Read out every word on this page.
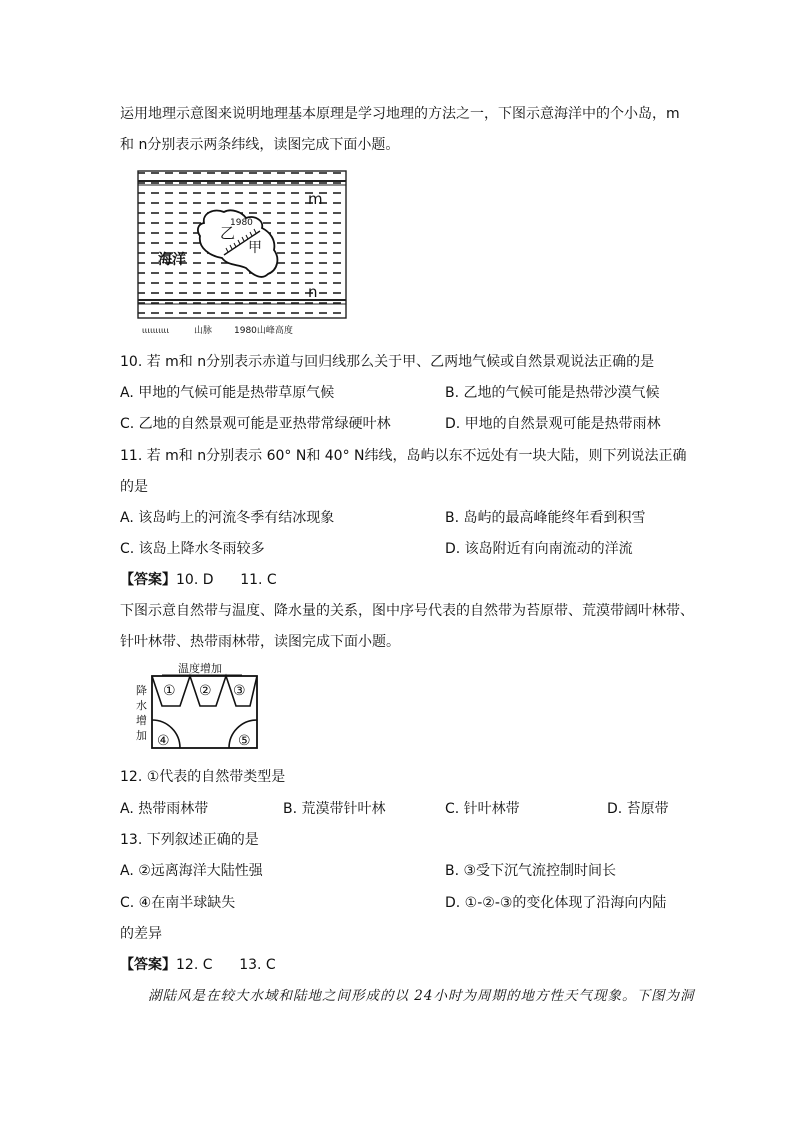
运用地理示意图来说明地理基本原理是学习地理的方法之一，下图示意海洋中的个小岛，m
和 n分别表示两条纬线，读图完成下面小题。
m
n
海洋
乙
甲
1980
ɩɩɩɩɩɩɩɩɩɩ	山脉 1980山峰高度
10. 若 m和 n分别表示赤道与回归线那么关于甲、乙两地气候或自然景观说法正确的是
A. 甲地的气候可能是热带草原气候	B. 乙地的气候可能是热带沙漠气候
C. 乙地的自然景观可能是亚热带常绿硬叶林	D. 甲地的自然景观可能是热带雨林
11. 若 m和 n分别表示 60° N和 40° N纬线，岛屿以东不远处有一块大陆，则下列说法正确
的是
A. 该岛屿上的河流冬季有结冰现象	B. 岛屿的最高峰能终年看到积雪
C. 该岛上降水冬雨较多	D. 该岛附近有向南流动的洋流
【答案】10. D      11. C
下图示意自然带与温度、降水量的关系，图中序号代表的自然带为苔原带、荒漠带阔叶林带、
针叶林带、热带雨林带，读图完成下面小题。
温度增加
降
水
增
加
① ② ③
④	⑤
12. ①代表的自然带类型是
A. 热带雨林带	B. 荒漠带针叶林	C. 针叶林带	D. 苔原带
13. 下列叙述正确的是
A. ②远离海洋大陆性强	B. ③受下沉气流控制时间长
C. ④在南半球缺失	D. ①-②-③的变化体现了沿海向内陆
的差异
【答案】12. C      13. C
湖陆风是在较大水域和陆地之间形成的以 24小时为周期的地方性天气现象。下图为洞
